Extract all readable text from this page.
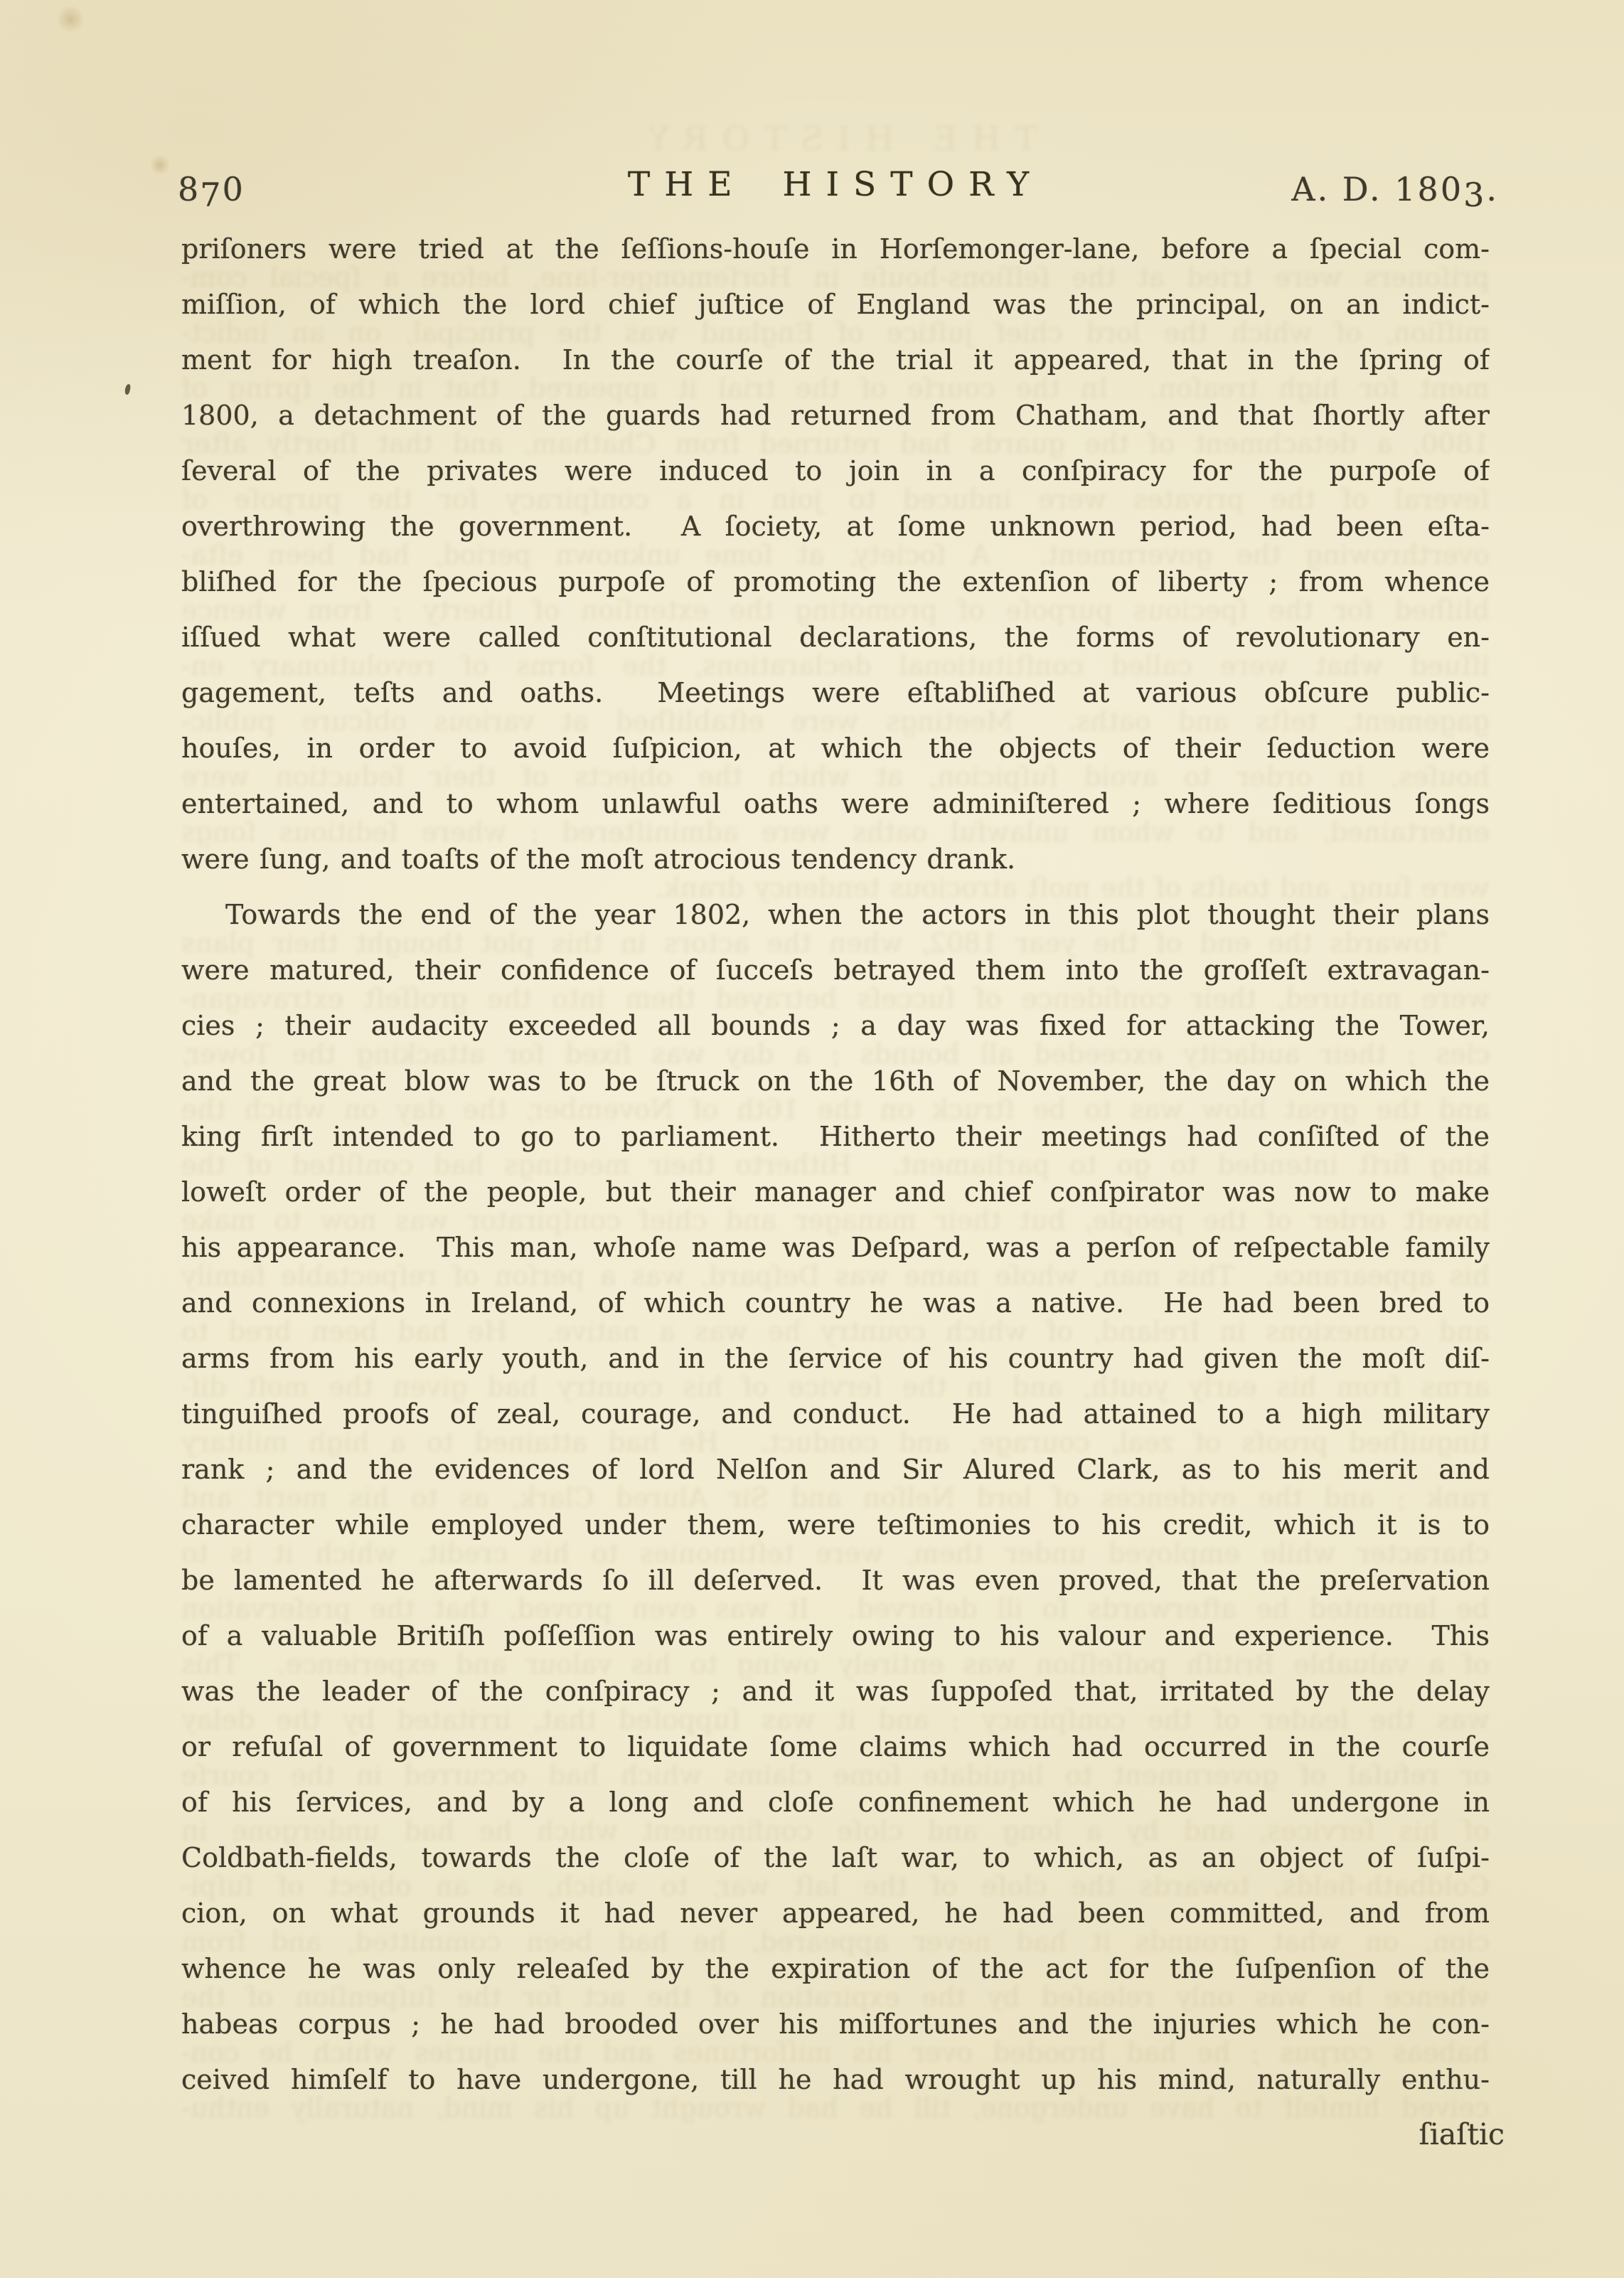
THE HISTORY
priſoners were tried at the ſeſſions-houſe in Horſemonger-lane, before a ſpecial com-
miſſion, of which the lord chief juſtice of England was the principal, on an indict-
ment for high treaſon.  In the courſe of the trial it appeared, that in the ſpring of
1800, a detachment of the guards had returned from Chatham, and that ſhortly after
ſeveral of the privates were induced to join in a conſpiracy for the purpoſe of
overthrowing the government.  A ſociety, at ſome unknown period, had been eſta-
bliſhed for the ſpecious purpoſe of promoting the extenſion of liberty ; from whence
iſſued what were called conſtitutional declarations, the forms of revolutionary en-
gagement, teſts and oaths.  Meetings were eſtabliſhed at various obſcure public-
houſes, in order to avoid ſuſpicion, at which the objects of their ſeduction were
entertained, and to whom unlawful oaths were adminiſtered ; where ſeditious ſongs
were ſung, and toaſts of the moſt atrocious tendency drank.
Towards the end of the year 1802, when the actors in this plot thought their plans
were matured, their confidence of ſucceſs betrayed them into the groſſeſt extravagan-
cies ; their audacity exceeded all bounds ; a day was fixed for attacking the Tower,
and the great blow was to be ſtruck on the 16th of November, the day on which the
king firſt intended to go to parliament.  Hitherto their meetings had conſiſted of the
loweſt order of the people, but their manager and chief conſpirator was now to make
his appearance.  This man, whoſe name was Deſpard, was a perſon of reſpectable family
and connexions in Ireland, of which country he was a native.  He had been bred to
arms from his early youth, and in the ſervice of his country had given the moſt diſ-
tinguiſhed proofs of zeal, courage, and conduct.  He had attained to a high military
rank ; and the evidences of lord Nelſon and Sir Alured Clark, as to his merit and
character while employed under them, were teſtimonies to his credit, which it is to
be lamented he afterwards ſo ill deſerved.  It was even proved, that the preſervation
of a valuable Britiſh poſſeſſion was entirely owing to his valour and experience.  This
was the leader of the conſpiracy ; and it was ſuppoſed that, irritated by the delay
or refuſal of government to liquidate ſome claims which had occurred in the courſe
of his ſervices, and by a long and cloſe confinement which he had undergone in
Coldbath-fields, towards the cloſe of the laſt war, to which, as an object of ſuſpi-
cion, on what grounds it had never appeared, he had been committed, and from
whence he was only releaſed by the expiration of the act for the ſuſpenſion of the
habeas corpus ; he had brooded over his miſfortunes and the injuries which he con-
ceived himſelf to have undergone, till he had wrought up his mind, naturally enthu-
870	THE HISTORY	A. D. 1803.
priſoners were tried at the ſeſſions-houſe in Horſemonger-lane, before a ſpecial com-
miſſion, of which the lord chief juſtice of England was the principal, on an indict-
ment for high treaſon.  In the courſe of the trial it appeared, that in the ſpring of
1800, a detachment of the guards had returned from Chatham, and that ſhortly after
ſeveral of the privates were induced to join in a conſpiracy for the purpoſe of
overthrowing the government.  A ſociety, at ſome unknown period, had been eſta-
bliſhed for the ſpecious purpoſe of promoting the extenſion of liberty ; from whence
iſſued what were called conſtitutional declarations, the forms of revolutionary en-
gagement, teſts and oaths.  Meetings were eſtabliſhed at various obſcure public-
houſes, in order to avoid ſuſpicion, at which the objects of their ſeduction were
entertained, and to whom unlawful oaths were adminiſtered ; where ſeditious ſongs
were ſung, and toaſts of the moſt atrocious tendency drank.
Towards the end of the year 1802, when the actors in this plot thought their plans
were matured, their confidence of ſucceſs betrayed them into the groſſeſt extravagan-
cies ; their audacity exceeded all bounds ; a day was fixed for attacking the Tower,
and the great blow was to be ſtruck on the 16th of November, the day on which the
king firſt intended to go to parliament.  Hitherto their meetings had conſiſted of the
loweſt order of the people, but their manager and chief conſpirator was now to make
his appearance.  This man, whoſe name was Deſpard, was a perſon of reſpectable family
and connexions in Ireland, of which country he was a native.  He had been bred to
arms from his early youth, and in the ſervice of his country had given the moſt diſ-
tinguiſhed proofs of zeal, courage, and conduct.  He had attained to a high military
rank ; and the evidences of lord Nelſon and Sir Alured Clark, as to his merit and
character while employed under them, were teſtimonies to his credit, which it is to
be lamented he afterwards ſo ill deſerved.  It was even proved, that the preſervation
of a valuable Britiſh poſſeſſion was entirely owing to his valour and experience.  This
was the leader of the conſpiracy ; and it was ſuppoſed that, irritated by the delay
or refuſal of government to liquidate ſome claims which had occurred in the courſe
of his ſervices, and by a long and cloſe confinement which he had undergone in
Coldbath-fields, towards the cloſe of the laſt war, to which, as an object of ſuſpi-
cion, on what grounds it had never appeared, he had been committed, and from
whence he was only releaſed by the expiration of the act for the ſuſpenſion of the
habeas corpus ; he had brooded over his miſfortunes and the injuries which he con-
ceived himſelf to have undergone, till he had wrought up his mind, naturally enthu-
ſiaſtic
